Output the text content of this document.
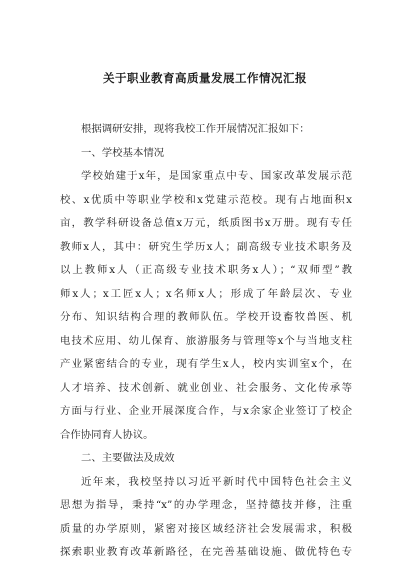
关于职业教育高质量发展工作情况汇报
根据调研安排，现将我校工作开展情况汇报如下：
一、学校基本情况
学校始建于x年，是国家重点中专、国家改革发展示范
校、x优质中等职业学校和x党建示范校。现有占地面积x
亩，教学科研设备总值x万元，纸质图书x万册。现有专任
教师x人，其中：研究生学历x人；副高级专业技术职务及
以上教师x人（正高级专业技术职务x人）；“双师型”教
师x人；x工匠x人；x名师x人；形成了年龄层次、专业
分布、知识结构合理的教师队伍。学校开设畜牧兽医、机
电技术应用、幼儿保育、旅游服务与管理等x个与当地支柱
产业紧密结合的专业，现有学生x人，校内实训室x个，在
人才培养、技术创新、就业创业、社会服务、文化传承等
方面与行业、企业开展深度合作，与x余家企业签订了校企
合作协同育人协议。
二、主要做法及成效
近年来，我校坚持以习近平新时代中国特色社会主义
思想为指导，秉持“x”的办学理念，坚持德技并修，注重
质量的办学原则，紧密对接区域经济社会发展需求，积极
探索职业教育改革新路径，在完善基础设施、做优特色专
